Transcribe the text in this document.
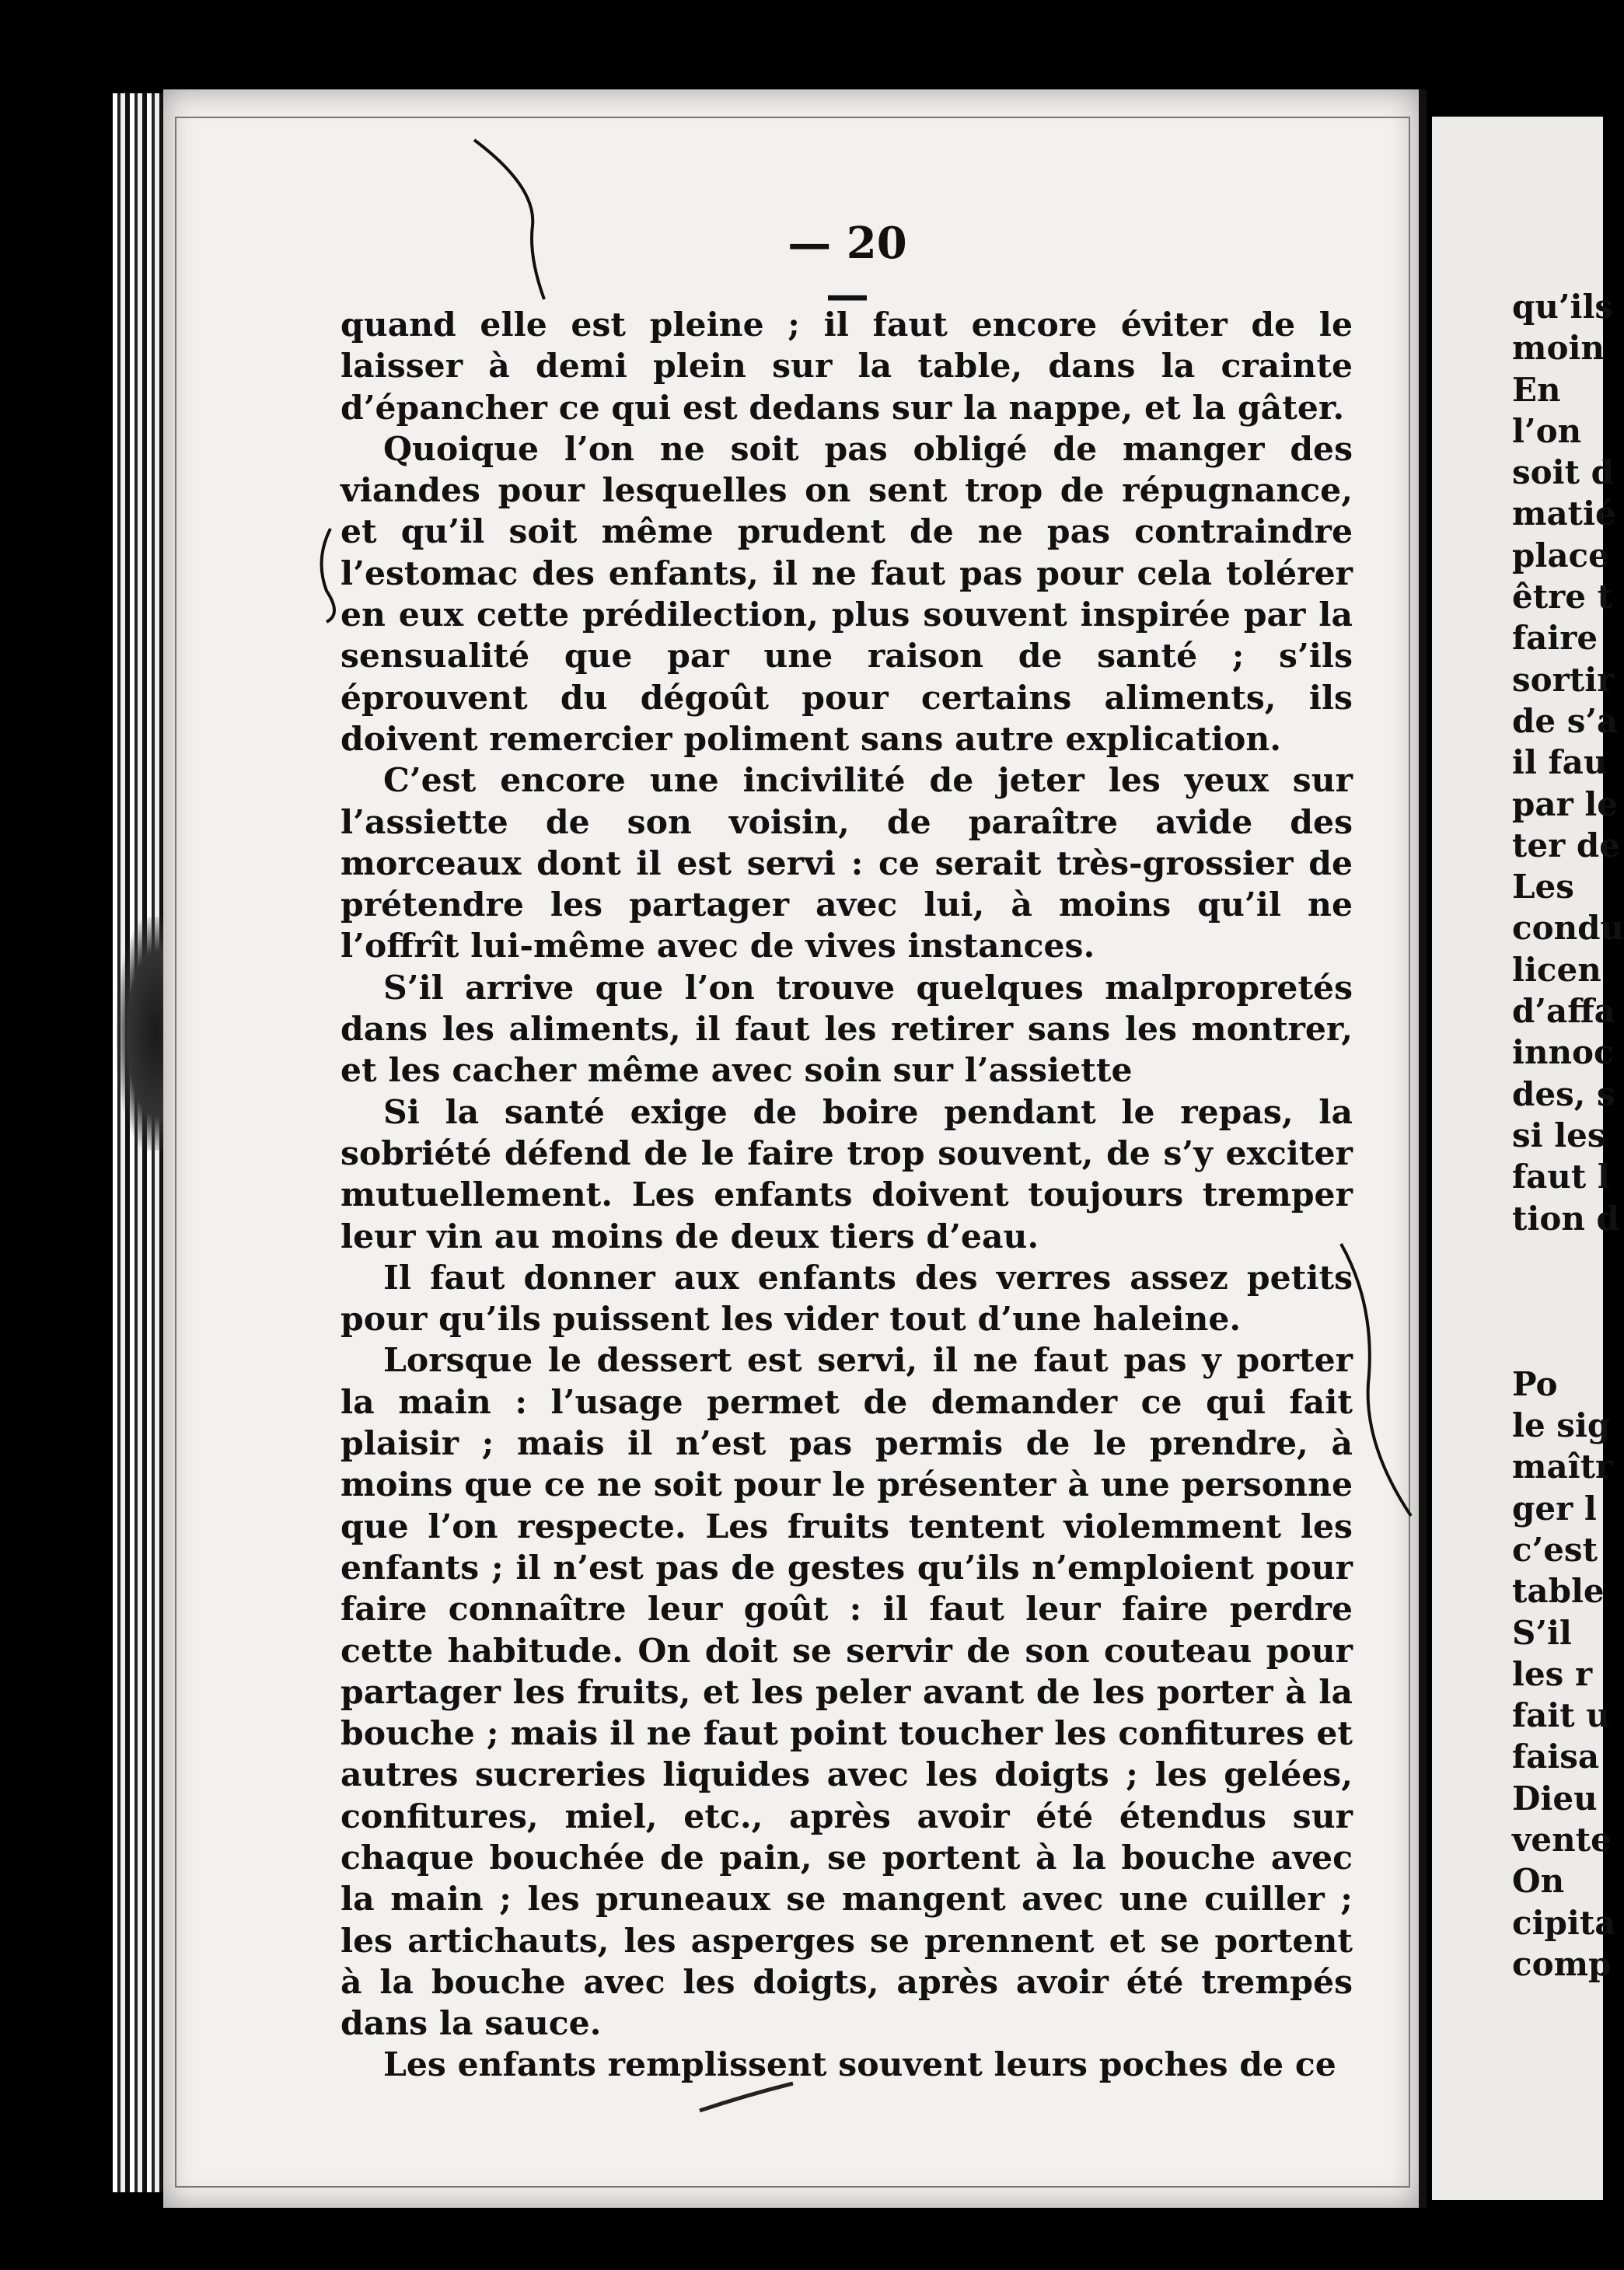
— 20 —

quand elle est pleine ; il faut encore éviter de le laisser à demi plein sur la table, dans la crainte d’épancher ce qui est dedans sur la nappe, et la gâter.

Quoique l’on ne soit pas obligé de manger des viandes pour lesquelles on sent trop de répugnance, et qu’il soit même prudent de ne pas contraindre l’estomac des enfants, il ne faut pas pour cela tolérer en eux cette prédilection, plus souvent inspirée par la sensualité que par une raison de santé ; s’ils éprouvent du dégoût pour certains aliments, ils doivent remercier poliment sans autre explication.

C’est encore une incivilité de jeter les yeux sur l’assiette de son voisin, de paraître avide des morceaux dont il est servi : ce serait très-grossier de prétendre les partager avec lui, à moins qu’il ne l’offrît lui-même avec de vives instances.

S’il arrive que l’on trouve quelques malpropretés dans les aliments, il faut les retirer sans les montrer, et les cacher même avec soin sur l’assiette

Si la santé exige de boire pendant le repas, la sobriété défend de le faire trop souvent, de s’y exciter mutuellement. Les enfants doivent toujours tremper leur vin au moins de deux tiers d’eau.

Il faut donner aux enfants des verres assez petits pour qu’ils puissent les vider tout d’une haleine.

Lorsque le dessert est servi, il ne faut pas y porter la main : l’usage permet de demander ce qui fait plaisir ; mais il n’est pas permis de le prendre, à moins que ce ne soit pour le présenter à une personne que l’on respecte. Les fruits tentent violemment les enfants ; il n’est pas de gestes qu’ils n’emploient pour faire connaître leur goût : il faut leur faire perdre cette habitude. On doit se servir de son couteau pour partager les fruits, et les peler avant de les porter à la bouche ; mais il ne faut point toucher les confitures et autres sucreries liquides avec les doigts ; les gelées, confitures, miel, etc., après avoir été étendus sur chaque bouchée de pain, se portent à la bouche avec la main ; les pruneaux se mangent avec une cuiller ; les artichauts, les asperges se prennent et se portent à la bouche avec les doigts, après avoir été trempés dans la sauce.

Les enfants remplissent souvent leurs poches de ce

qu’ils
moin
En
l’on
soit d
matié
place
être t
faire
sortir
de s’a
il fau
par le
ter de
Les
condu
licen
d’affa
innoc
des, s
si les
faut l
tion d
Po
le sig
maîtr
ger l
c’est
table
S’il
les r
fait u
faisa
Dieu
vente
On
cipita
comp
